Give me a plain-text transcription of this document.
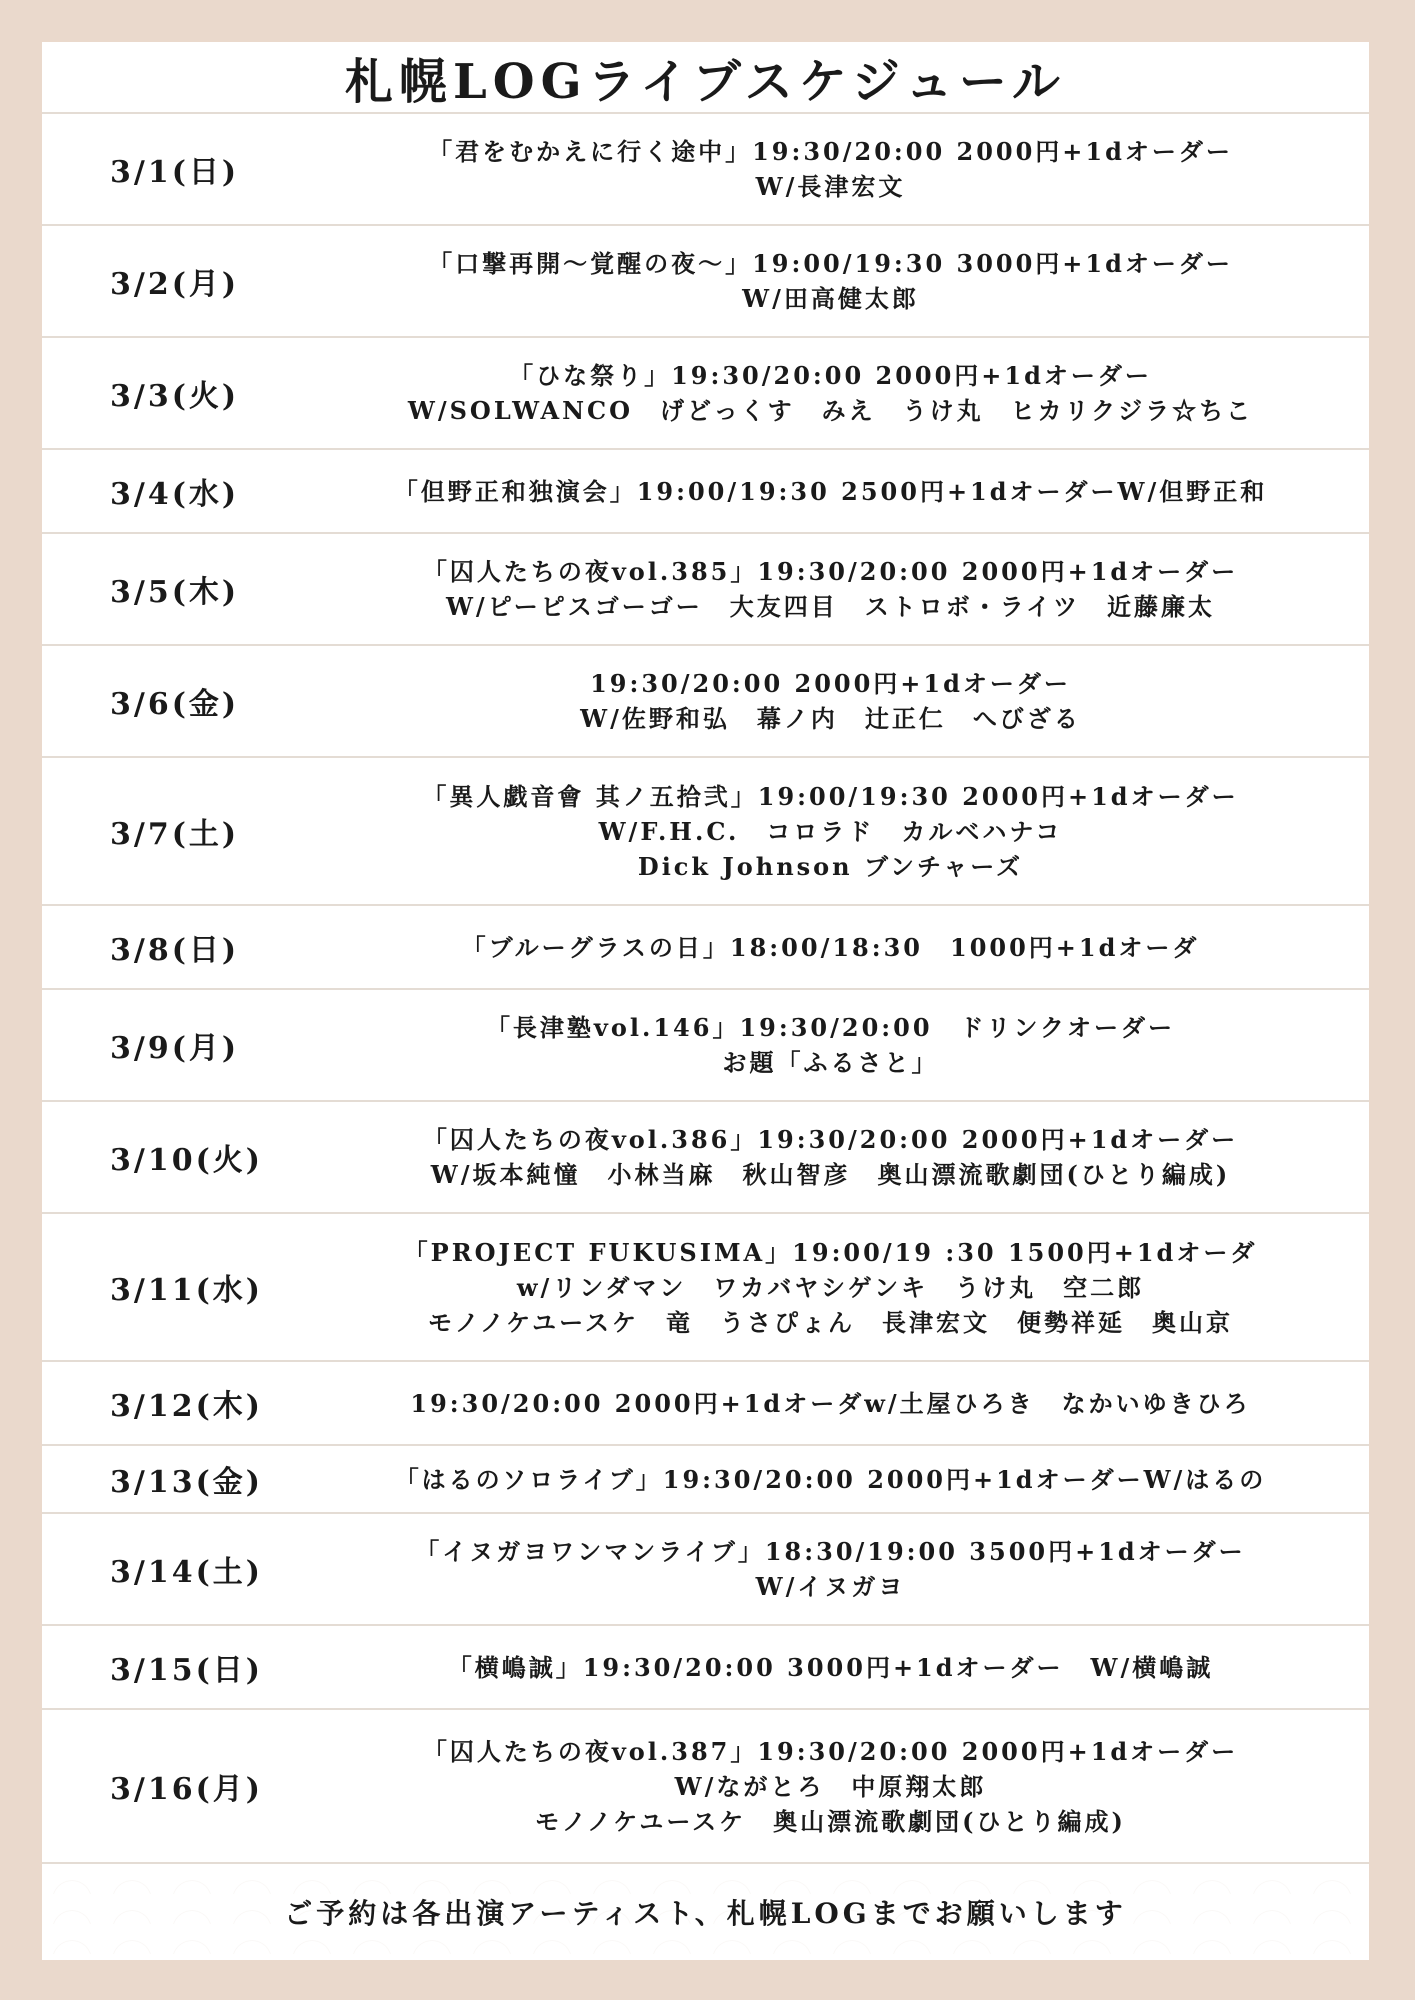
札幌LOGライブスケジュール
3/1(日)
「君をむかえに行く途中」19:30/20:00 2000円+1dオーダー
W/長津宏文
3/2(月)
「口撃再開〜覚醒の夜〜」19:00/19:30 3000円+1dオーダー
W/田高健太郎
3/3(火)
「ひな祭り」19:30/20:00 2000円+1dオーダー
W/SOLWANCO　げどっくす　みえ　うけ丸　ヒカリクジラ☆ちこ
3/4(水)	「但野正和独演会」19:00/19:30 2500円+1dオーダーW/但野正和
3/5(木)
「囚人たちの夜vol.385」19:30/20:00 2000円+1dオーダー
W/ピーピスゴーゴー　大友四目　ストロボ・ライツ　近藤廉太
3/6(金)
19:30/20:00 2000円+1dオーダー
W/佐野和弘　幕ノ内　辻正仁　へびざる
3/7(土)
「異人戯音會 其ノ五拾弐」19:00/19:30 2000円+1dオーダー
W/F.H.C.　コロラド　カルベハナコ
Dick Johnson ブンチャーズ
3/8(日)	「ブルーグラスの日」18:00/18:30　1000円+1dオーダ
3/9(月)
「長津塾vol.146」19:30/20:00　ドリンクオーダー
お題「ふるさと」
3/10(火)
「囚人たちの夜vol.386」19:30/20:00 2000円+1dオーダー
W/坂本純憧　小林当麻　秋山智彦　奥山漂流歌劇団(ひとり編成)
3/11(水)
「PROJECT FUKUSIMA」19:00/19 :30 1500円+1dオーダ
w/リンダマン　ワカバヤシゲンキ　うけ丸　空二郎
モノノケユースケ　竜　うさぴょん　長津宏文　便勢祥延　奥山京
3/12(木)	19:30/20:00 2000円+1dオーダw/土屋ひろき　なかいゆきひろ
3/13(金)	「はるのソロライブ」19:30/20:00 2000円+1dオーダーW/はるの
3/14(土)
「イヌガヨワンマンライブ」18:30/19:00 3500円+1dオーダー
W/イヌガヨ
3/15(日)	「横嶋誠」19:30/20:00 3000円+1dオーダー　W/横嶋誠
3/16(月)
「囚人たちの夜vol.387」19:30/20:00 2000円+1dオーダー
W/ながとろ　中原翔太郎
モノノケユースケ　奥山漂流歌劇団(ひとり編成)
ご予約は各出演アーティスト、札幌LOGまでお願いします
